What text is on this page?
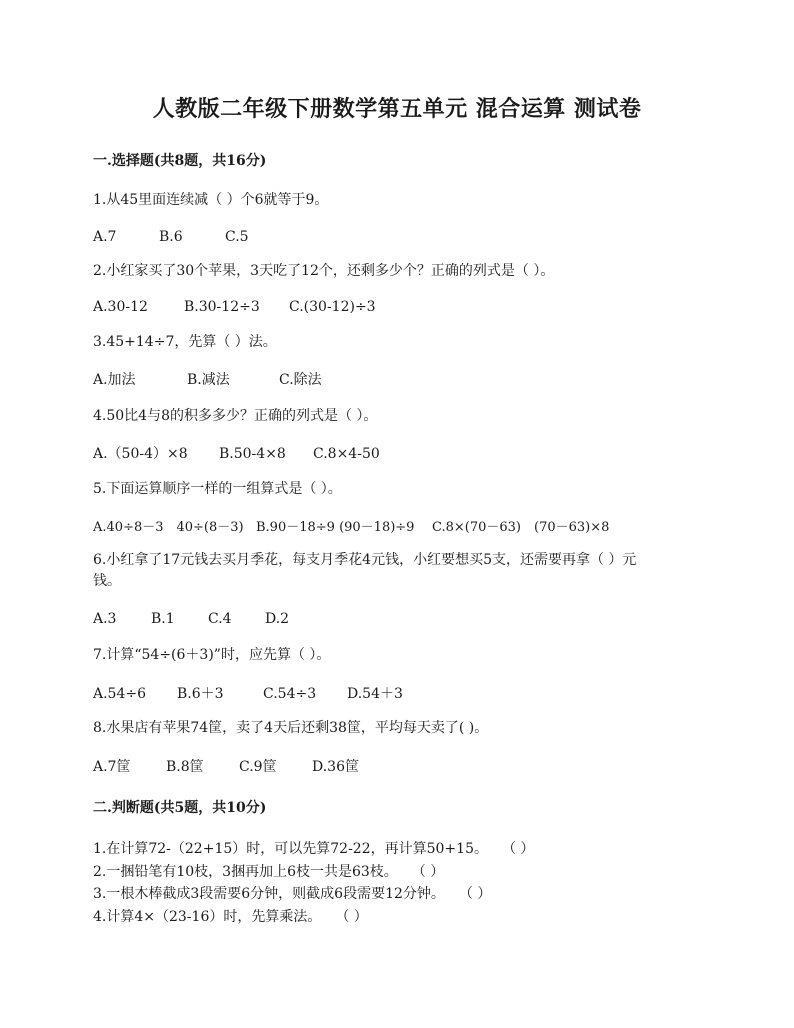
人教版二年级下册数学第五单元 混合运算 测试卷
一.选择题(共8题，共16分)
1.从45里面连续减（ ）个6就等于9。
A.7	B.6	C.5
2.小红家买了30个苹果，3天吃了12个，还剩多少个？正确的列式是（ ）。
A.30-12	B.30-12÷3 C.(30-12)÷3
3.45+14÷7，先算（ ）法。
A.加法	B.减法	C.除法
4.50比4与8的积多多少？正确的列式是（ ）。
A.（50-4）×8 B.50-4×8 C.8×4-50
5.下面运算顺序一样的一组算式是（ ）。
A.40÷8－3　40÷(8－3) B.90－18÷9 (90－18)÷9 C.8×(70－63)　(70－63)×8
6.小红拿了17元钱去买月季花，每支月季花4元钱，小红要想买5支，还需要再拿（ ）元钱。
A.3 B.1 C.4 D.2
7.计算“54÷(6＋3)”时，应先算（ ）。
A.54÷6 B.6＋3	C.54÷3 D.54＋3
8.水果店有苹果74筐，卖了4天后还剩38筐，平均每天卖了( )。
A.7筐	B.8筐	C.9筐	D.36筐
二.判断题(共5题，共10分)
1.在计算72-（22+15）时，可以先算72-22，再计算50+15。　　（ ）
2.一捆铅笔有10枝，3捆再加上6枝一共是63枝。　　（ ）
3.一根木棒截成3段需要6分钟，则截成6段需要12分钟。　　（ ）
4.计算4×（23-16）时，先算乘法。　　（ ）
